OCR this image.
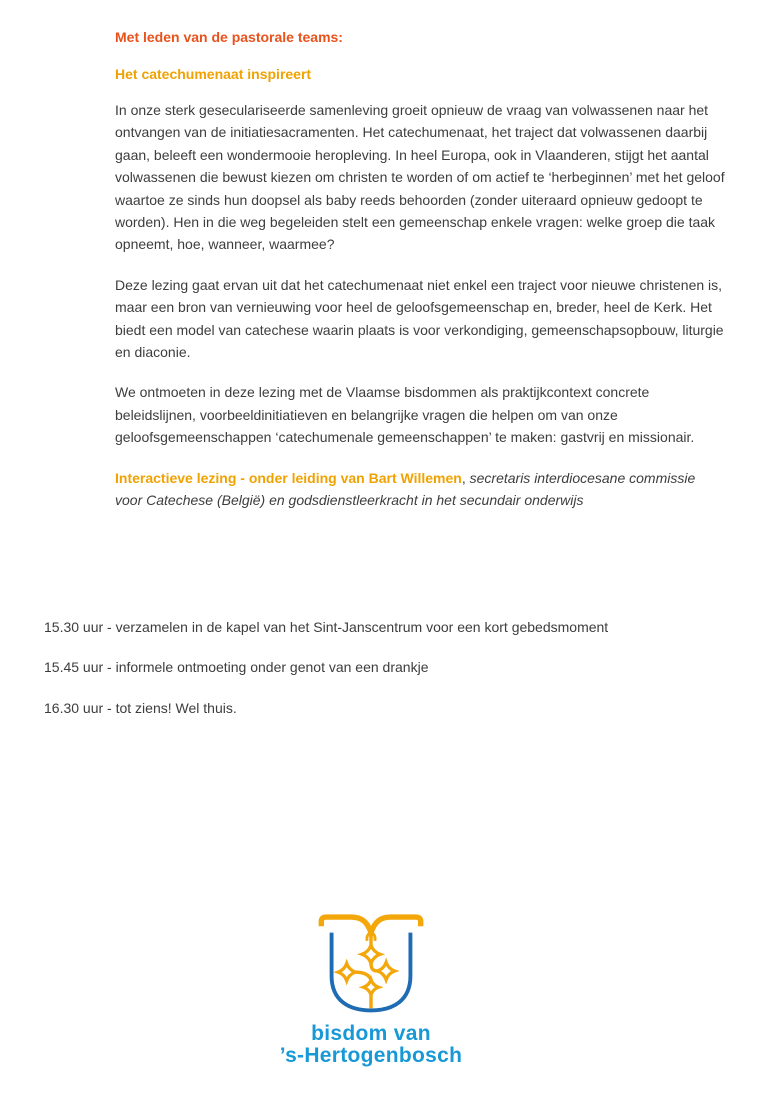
Met leden van de pastorale teams:

Het catechumenaat inspireert

In onze sterk geseculariseerde samenleving groeit opnieuw de vraag van volwassenen naar het ontvangen van de initiatiesacramenten. Het catechumenaat, het traject dat volwassenen daarbij gaan, beleeft een wondermooie heropleving. In heel Europa, ook in Vlaanderen, stijgt het aantal volwassenen die bewust kiezen om christen te worden of om actief te ‘herbeginnen’ met het geloof waartoe ze sinds hun doopsel als baby reeds behoorden (zonder uiteraard opnieuw gedoopt te worden). Hen in die weg begeleiden stelt een gemeenschap enkele vragen: welke groep die taak opneemt, hoe, wanneer, waarmee?

Deze lezing gaat ervan uit dat het catechumenaat niet enkel een traject voor nieuwe christenen is, maar een bron van vernieuwing voor heel de geloofsgemeenschap en, breder, heel de Kerk. Het biedt een model van catechese waarin plaats is voor verkondiging, gemeenschapsopbouw, liturgie en diaconie.

We ontmoeten in deze lezing met de Vlaamse bisdommen als praktijkcontext concrete beleidslijnen, voorbeeldinitiatieven en belangrijke vragen die helpen om van onze geloofsgemeenschappen ‘catechumenale gemeenschappen’ te maken: gastvrij en missionair.

Interactieve lezing - onder leiding van Bart Willemen, secretaris interdiocesane commissie voor Catechese (België) en godsdienstleerkracht in het secundair onderwijs

15.30 uur - verzamelen in de kapel van het Sint-Janscentrum voor een kort gebedsmoment

15.45 uur - informele ontmoeting onder genot van een drankje

16.30 uur - tot ziens! Wel thuis.

bisdom van
’s-Hertogenbosch
